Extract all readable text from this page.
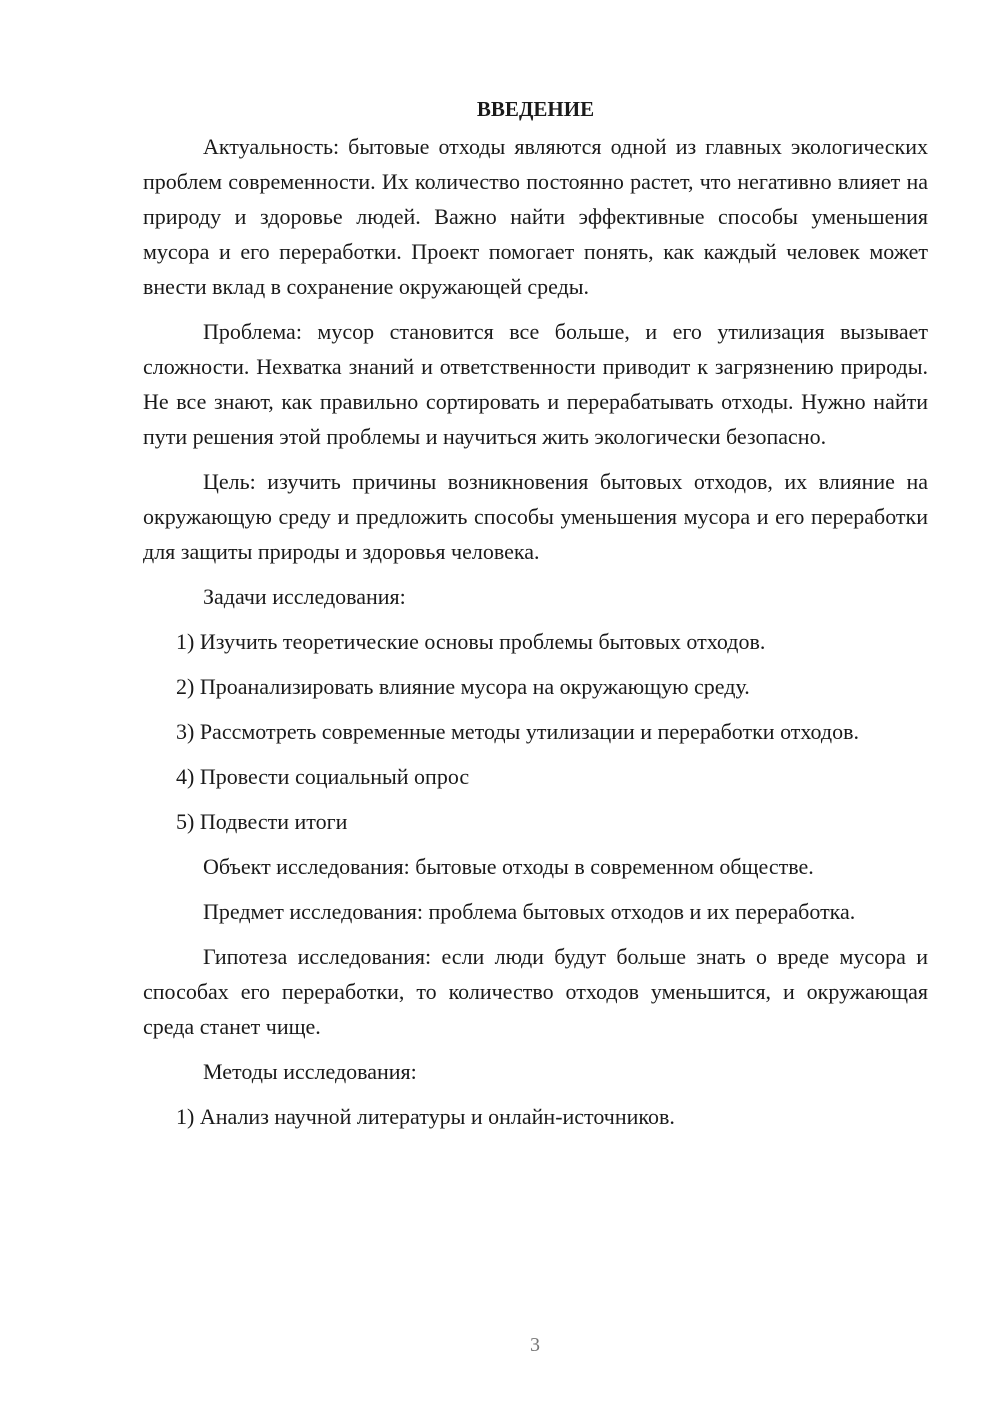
ВВЕДЕНИЕ

Актуальность: бытовые отходы являются одной из главных экологических проблем современности. Их количество постоянно растет, что негативно влияет на природу и здоровье людей. Важно найти эффективные способы уменьшения мусора и его переработки. Проект помогает понять, как каждый человек может внести вклад в сохранение окружающей среды.

Проблема: мусор становится все больше, и его утилизация вызывает сложности. Нехватка знаний и ответственности приводит к загрязнению природы. Не все знают, как правильно сортировать и перерабатывать отходы. Нужно найти пути решения этой проблемы и научиться жить экологически безопасно.

Цель: изучить причины возникновения бытовых отходов, их влияние на окружающую среду и предложить способы уменьшения мусора и его переработки для защиты природы и здоровья человека.

Задачи исследования:

1) Изучить теоретические основы проблемы бытовых отходов.

2) Проанализировать влияние мусора на окружающую среду.

3) Рассмотреть современные методы утилизации и переработки отходов.

4) Провести социальный опрос

5) Подвести итоги

Объект исследования: бытовые отходы в современном обществе.

Предмет исследования: проблема бытовых отходов и их переработка.

Гипотеза исследования: если люди будут больше знать о вреде мусора и способах его переработки, то количество отходов уменьшится, и окружающая среда станет чище.

Методы исследования:

1) Анализ научной литературы и онлайн-источников.

3
